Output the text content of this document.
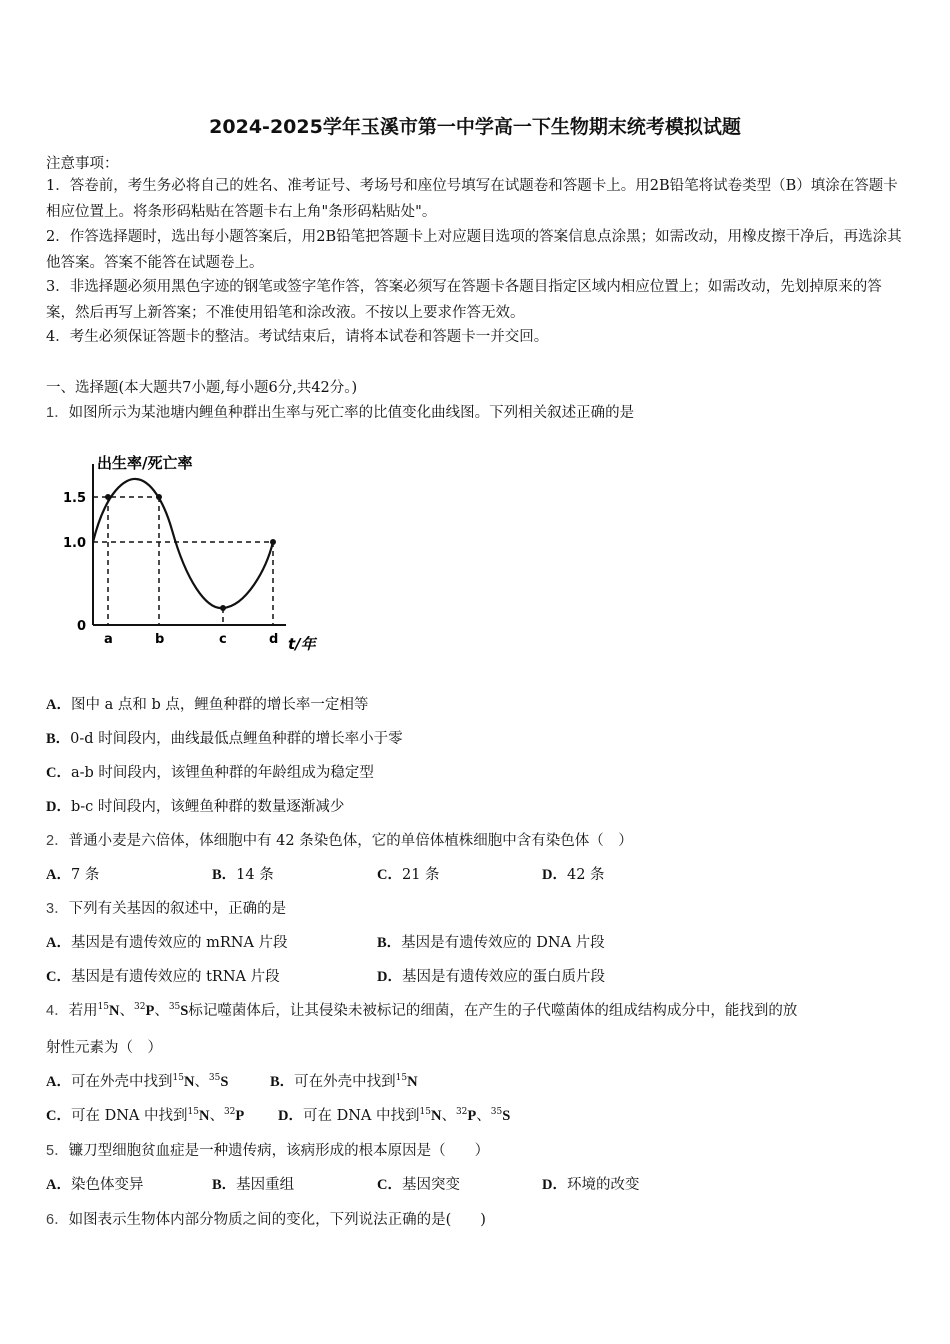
2024-2025学年玉溪市第一中学高一下生物期末统考模拟试题
注意事项：
1．答卷前，考生务必将自己的姓名、准考证号、考场号和座位号填写在试题卷和答题卡上。用2B铅笔将试卷类型（B）填涂在答题卡相应位置上。将条形码粘贴在答题卡右上角"条形码粘贴处"。
2．作答选择题时，选出每小题答案后，用2B铅笔把答题卡上对应题目选项的答案信息点涂黑；如需改动，用橡皮擦干净后，再选涂其他答案。答案不能答在试题卷上。
3．非选择题必须用黑色字迹的钢笔或签字笔作答，答案必须写在答题卡各题目指定区域内相应位置上；如需改动，先划掉原来的答案，然后再写上新答案；不准使用铅笔和涂改液。不按以上要求作答无效。
4．考生必须保证答题卡的整洁。考试结束后，请将本试卷和答题卡一并交回。
一、选择题(本大题共7小题,每小题6分,共42分。)
1．如图所示为某池塘内鲤鱼种群出生率与死亡率的比值变化曲线图。下列相关叙述正确的是
出生率/死亡率
1.5
1.0
0
a	b	c	d t/年
A．图中 a 点和 b 点，鲤鱼种群的增长率一定相等
B．0-d 时间段内，曲线最低点鲤鱼种群的增长率小于零
C．a-b 时间段内，该锂鱼种群的年龄组成为稳定型
D．b-c 时间段内，该鲤鱼种群的数量逐渐减少
2．普通小麦是六倍体，体细胞中有 42 条染色体，它的单倍体植株细胞中含有染色体（　）
A．7 条	B．14 条	C．21 条	D．42 条
3．下列有关基因的叙述中，正确的是
A．基因是有遗传效应的 mRNA 片段	B．基因是有遗传效应的 DNA 片段
C．基因是有遗传效应的 tRNA 片段	D．基因是有遗传效应的蛋白质片段
4．若用$^{15}$N、$^{32}$P、$^{35}$S标记噬菌体后，让其侵染未被标记的细菌，在产生的子代噬菌体的组成结构成分中，能找到的放
射性元素为（　）
A．可在外壳中找到$^{15}$N、$^{35}$S	B．可在外壳中找到$^{15}$N
C．可在 DNA 中找到$^{15}$N、$^{32}$P D．可在 DNA 中找到$^{15}$N、$^{32}$P、$^{35}$S
5．镰刀型细胞贫血症是一种遗传病，该病形成的根本原因是（　　）
A．染色体变异	B．基因重组	C．基因突变	D．环境的改变
6．如图表示生物体内部分物质之间的变化，下列说法正确的是(　　)
